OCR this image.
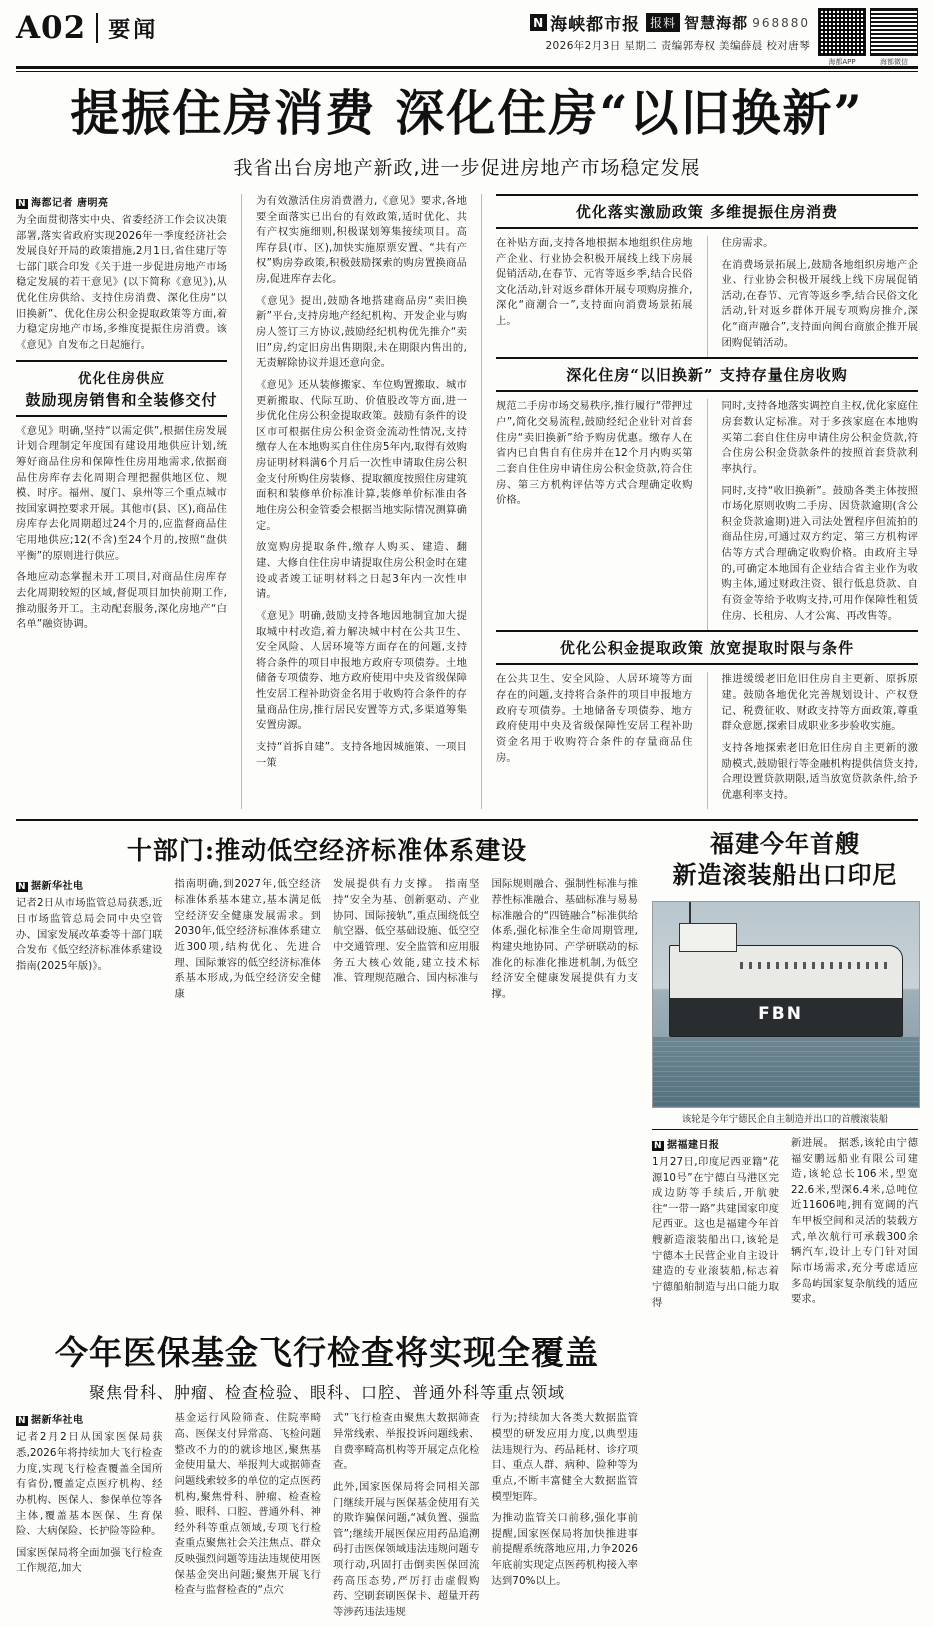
A02 要闻	N 海峡都市报 报料 智慧海都 968880
2026年2月3日 星期二 责编郭寿权 美编薛晨 校对唐琴
海都APP	海都微信
提振住房消费 深化住房“以旧换新”
我省出台房地产新政,进一步促进房地产市场稳定发展
N 海都记者 唐明亮

为全面贯彻落实中央、省委经济工作会议决策部署,落实省政府实现2026年一季度经济社会发展良好开局的政策措施,2月1日,省住建厅等七部门联合印发《关于进一步促进房地产市场稳定发展的若干意见》(以下简称《意见》),从优化住房供给、支持住房消费、深化住房“以旧换新”、优化住房公积金提取政策等方面,着力稳定房地产市场,多维度提振住房消费。该《意见》自发布之日起施行。

优化住房供应
鼓励现房销售和全装修交付

《意见》明确,坚持“以需定供”,根据住房发展计划合理制定年度国有建设用地供应计划,统筹好商品住房和保障性住房用地需求,依据商品住房库存去化周期合理把握供地区位、规模、时序。福州、厦门、泉州等三个重点城市按国家调控要求开展。其他市(县、区),商品住房库存去化周期超过24个月的,应监督商品住宅用地供应;12(不含)至24个月的,按照“盘供平衡”的原则进行供应。

各地应动态掌握未开工项目,对商品住房库存去化周期较短的区域,督促项目加快前期工作,推动服务开工。主动配套服务,深化房地产“白名单”融资协调。

为有效激活住房消费潜力,《意见》要求,各地要全面落实已出台的有效政策,适时优化、共有产权实施细则,积极谋划筹集接续项目。高库存县(市、区),加快实施原票安置、“共有产权”购房券政策,积极鼓励探索的购房置换商品房,促进库存去化。

《意见》提出,鼓励各地搭建商品房“卖旧换新”平台,支持房地产经纪机构、开发企业与购房人签订三方协议,鼓励经纪机构优先推介“卖旧”房,约定旧房出售期限,未在期限内售出的,无责解除协议并退还意向金。

《意见》还从装修搬家、车位购置搬取、城市更新搬取、代际互助、价值股改等方面,进一步优化住房公积金提取政策。鼓励有条件的设区市可根据住房公积金资金流动性情况,支持缴存人在本地购买自住住房5年内,取得有效购房证明材料满6个月后一次性申请取住房公积金支付所购住房装修、提取额度按照住房建筑面积和装修单价标准计算,装修单价标准由各地住房公积金管委会根据当地实际情况测算确定。

放宽购房提取条件,缴存人购买、建造、翻建、大修自住住房申请提取住房公积金时在建设或者竣工证明材料之日起3年内一次性申请。

《意见》明确,鼓励支持各地因地制宜加大提取城中村改造,着力解决城中村在公共卫生、安全风险、人居环境等方面存在的问题,支持将合条件的项目申报地方政府专项债券。土地储备专项债券、地方政府使用中央及省级保障性安居工程补助资金名用于收购符合条件的存量商品住房,推行居民安置等方式,多渠道筹集安置房源。

支持“首拆自建”。支持各地因城施策、一项目一策

优化落实激励政策 多维提振住房消费

在补贴方面,支持各地根据本地组织住房地产企业、行业协会积极开展线上线下房展促销活动,在春节、元宵等返乡季,结合民俗文化活动,针对返乡群体开展专项购房推介,深化“商潮合一”,支持面向消费场景拓展上。

住房需求。

在消费场景拓展上,鼓励各地组织房地产企业、行业协会积极开展线上线下房展促销活动,在春节、元宵等返乡季,结合民俗文化活动,针对返乡群体开展专项购房推介,深化“商声融合”,支持面向闽台商旅企推开展团购促销活动。

深化住房“以旧换新” 支持存量住房收购

规范二手房市场交易秩序,推行履行“带押过户”,简化交易流程,鼓励经纪企业针对首套住房“卖旧换新”给予购房优惠。缴存人在省内已自售自有住房并在12个月内购买第二套自住住房申请住房公积金贷款,符合住房、第三方机构评估等方式合理确定收购价格。

同时,支持各地落实调控自主权,优化家庭住房套数认定标准。对于多孩家庭在本地购买第二套自住住房申请住房公积金贷款,符合住房公积金贷款条件的按照首套贷款利率执行。

同时,支持“收旧换新”。鼓励各类主体按照市场化原则收购二手房、因贷款逾期(含公积金贷款逾期)进入司法处置程序但流拍的商品住房,可通过双方约定、第三方机构评估等方式合理确定收购价格。由政府主导的,可确定本地国有企业结合省主业作为收购主体,通过财政注资、银行低息贷款、自有资金等给予收购支持,可用作保障性租赁住房、长租房、人才公寓、再改售等。

优化公积金提取政策 放宽提取时限与条件

在公共卫生、安全风险、人居环境等方面存在的问题,支持将合条件的项目申报地方政府专项债券。土地储备专项债券、地方政府使用中央及省级保障性安居工程补助资金名用于收购符合条件的存量商品住房。

推进缓缓老旧危旧住房自主更新、原拆原建。鼓励各地优化完善规划设计、产权登记、税费征收、财政支持等方面政策,尊重群众意愿,探索目成职业多步验收实施。

支持各地探索老旧危旧住房自主更新的激励模式,鼓励银行等金融机构提供信贷支持,合理设置贷款期限,适当放宽贷款条件,给予优惠利率支持。

十部门:推动低空经济标准体系建设
N 据新华社电

记者2日从市场监管总局获悉,近日市场监管总局会同中央空管办、国家发展改革委等十部门联合发布《低空经济标准体系建设指南(2025年版)》。

指南明确,到2027年,低空经济标准体系基本建立,基本满足低空经济安全健康发展需求。到2030年,低空经济标准体系建立近300项,结构优化、先进合理、国际兼容的低空经济标准体系基本形成,为低空经济安全健康

发展提供有力支撑。 指南坚持“安全为基、创新驱动、产业协同、国际接轨”,重点围绕低空航空器、低空基础设施、低空空中交通管理、安全监管和应用服务五大核心效能,建立技术标准、管理规范融合、国内标准与

国际规则融合、强制性标准与推荐性标准融合、基础标准与易易标准融合的“四链融合”标准供给体系,强化标准全生命周期管理,构建央地协同、产学研联动的标准化的标准化推进机制,为低空经济安全健康发展提供有力支撑。

福建今年首艘
新造滚装船出口印尼
FBN
该轮是今年宁德民企自主制造并出口的首艘滚装船
N 据福建日报

1月27日,印度尼西亚籍“花源10号”在宁德白马港区完成边防等手续后,开航驶往“一带一路”共建国家印度尼西亚。这也是福建今年首艘新造滚装船出口,该轮是宁德本土民营企业自主设计建造的专业滚装船,标志着宁德船舶制造与出口能力取得

新进展。 据悉,该轮由宁德福安鹏远船业有限公司建造,该轮总长106米,型宽22.6米,型深6.4米,总吨位近11606吨,拥有宽阔的汽车甲板空间和灵活的装载方式,单次航行可承载300余辆汽车,设计上专门针对国际市场需求,充分考虑适应多岛屿国家复杂航线的适应要求。

今年医保基金飞行检查将实现全覆盖
聚焦骨科、肿瘤、检查检验、眼科、口腔、普通外科等重点领域
N 据新华社电

记者2月2日从国家医保局获悉,2026年将持续加大飞行检查力度,实现飞行检查覆盖全国所有省份,覆盖定点医疗机构、经办机构、医保人、参保单位等各主体,覆盖基本医保、生育保险、大病保险、长护险等险种。

国家医保局将全面加强飞行检查工作规范,加大

基金运行风险筛查、住院率畸高、医保支付异常高、飞检问题整改不力的的就诊地区,聚焦基金使用量大、举报判大或据筛查问题线索较多的单位的定点医药机构,聚焦骨科、肿瘤、检查检验、眼科、口腔、普通外科、神经外科等重点领域,专项飞行检查重点聚焦社会关注焦点、群众反映强烈问题等违法违规使用医保基金突出问题;聚焦开展飞行检查与监督检查的“点穴

式”飞行检查由聚焦大数据筛查异常线索、举报投诉问题线索、自费率畸高机构等开展定点化检查。

此外,国家医保局将会同相关部门继续开展与医保基金使用有关的欺诈骗保问题,“减负置、强监管”;继续开展医保应用药品追溯码打击医保领域违法违规问题专项行动,巩固打击倒卖医保回流药高压态势,严厉打击虚假购药、空刷套刷医保卡、超量开药等涉药违法违规

行为;持续加大各类大数据监管模型的研发应用力度,以典型违法违规行为、药品耗材、诊疗项目、重点人群、病种、险种等为重点,不断丰富健全大数据监管模型矩阵。

为推动监管关口前移,强化事前提醒,国家医保局将加快推进事前提醒系统落地应用,力争2026年底前实现定点医药机构接入率达到70%以上。
